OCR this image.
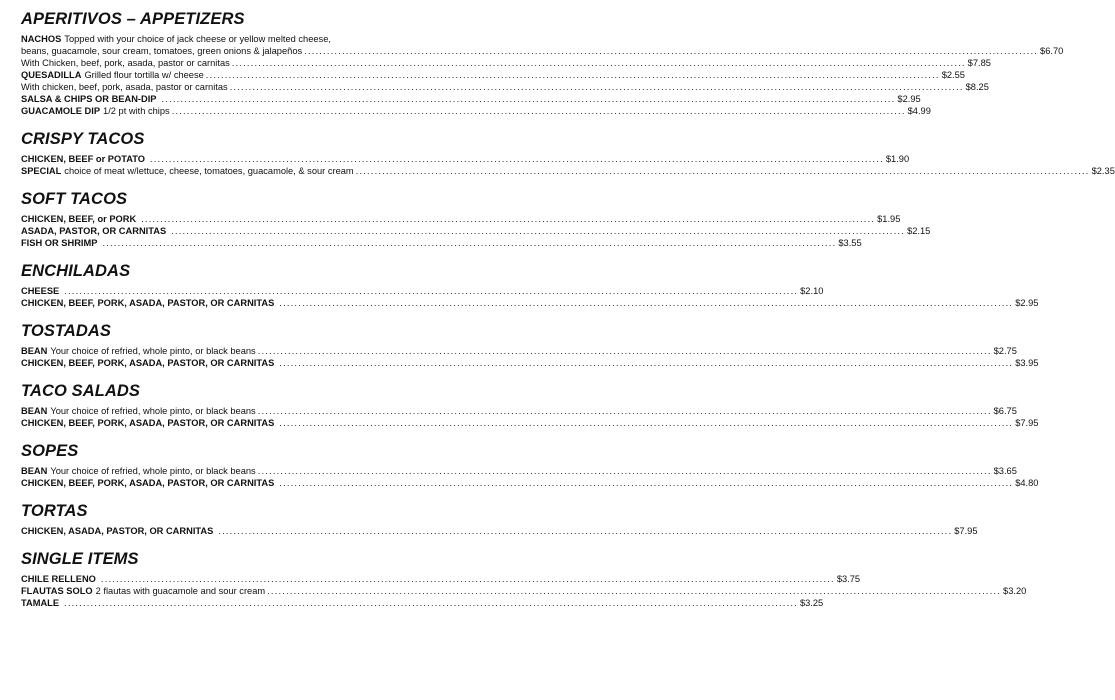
APERITIVOS – APPETIZERS
NACHOS Topped with your choice of jack cheese or yellow melted cheese,
beans, guacamole, sour cream, tomatoes, green onions & jalapeños .....	$6.70
With Chicken, beef, pork, asada, pastor or carnitas .....	$7.85
QUESADILLA Grilled flour tortilla w/ cheese .....	$2.55
With chicken, beef, pork, asada, pastor or carnitas .....	$8.25
SALSA & CHIPS OR BEAN-DIP .....	$2.95
GUACAMOLE DIP 1/2 pt with chips .....	$4.99
CRISPY TACOS
CHICKEN, BEEF or POTATO .....	$1.90
SPECIAL choice of meat w/lettuce, cheese, tomatoes, guacamole, & sour cream .....	$2.35
SOFT TACOS
CHICKEN, BEEF, or PORK .....	$1.95
ASADA, PASTOR, OR CARNITAS .....	$2.15
FISH OR SHRIMP .....	$3.55
ENCHILADAS
CHEESE .....	$2.10
CHICKEN, BEEF, PORK, ASADA, PASTOR, OR CARNITAS .....	$2.95
TOSTADAS
BEAN Your choice of refried, whole pinto, or black beans .....	$2.75
CHICKEN, BEEF, PORK, ASADA, PASTOR, OR CARNITAS .....	$3.95
TACO SALADS
BEAN Your choice of refried, whole pinto, or black beans .....	$6.75
CHICKEN, BEEF, PORK, ASADA, PASTOR, OR CARNITAS .....	$7.95
SOPES
BEAN Your choice of refried, whole pinto, or black beans .....	$3.65
CHICKEN, BEEF, PORK, ASADA, PASTOR, OR CARNITAS .....	$4.80
TORTAS
CHICKEN, ASADA, PASTOR, OR CARNITAS .....	$7.95
SINGLE ITEMS
CHILE RELLENO .....	$3.75
FLAUTAS SOLO 2 flautas with guacamole and sour cream .....	$3.20
TAMALE .....	$3.25
